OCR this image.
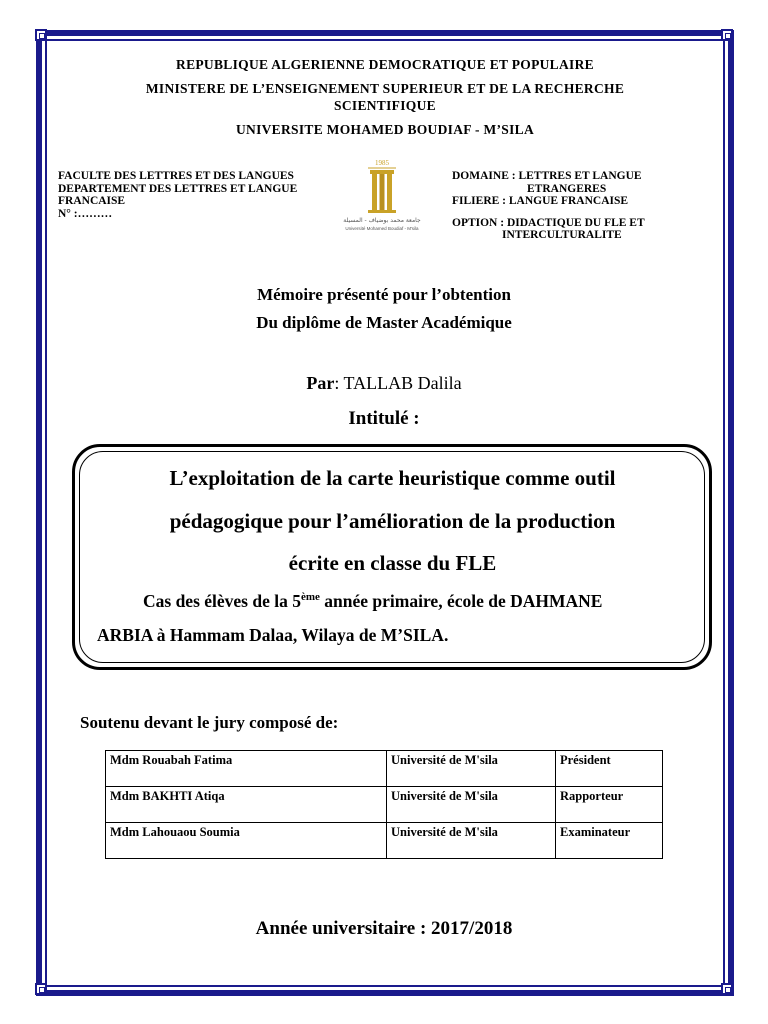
REPUBLIQUE ALGERIENNE DEMOCRATIQUE ET POPULAIRE
MINISTERE DE L’ENSEIGNEMENT SUPERIEUR ET DE LA RECHERCHE
SCIENTIFIQUE
UNIVERSITE MOHAMED BOUDIAF - M’SILA
FACULTE DES LETTRES ET DES LANGUES
DEPARTEMENT DES LETTRES ET LANGUE
FRANCAISE
N° :………
1985
جامعة محمد بوضياف - المسيلة
Université Mohamed Boudiaf - M'sila
DOMAINE : LETTRES ET LANGUE
ETRANGERES
FILIERE : LANGUE FRANCAISE
OPTION : DIDACTIQUE DU FLE ET
INTERCULTURALITE
Mémoire présenté pour l’obtention
Du diplôme de Master Académique
Par: TALLAB Dalila
Intitulé :
L’exploitation de la carte heuristique comme outil
pédagogique pour l’amélioration de la production
écrite en classe du FLE
Cas des élèves de la 5ème année primaire, école de DAHMANE
ARBIA à Hammam Dalaa, Wilaya de M’SILA.
Soutenu devant le jury composé de:
Mdm Rouabah Fatima	Université de M'sila	Président
Mdm BAKHTI Atiqa	Université de M'sila	Rapporteur
Mdm Lahouaou Soumia	Université de M'sila	Examinateur
Année universitaire : 2017/2018
